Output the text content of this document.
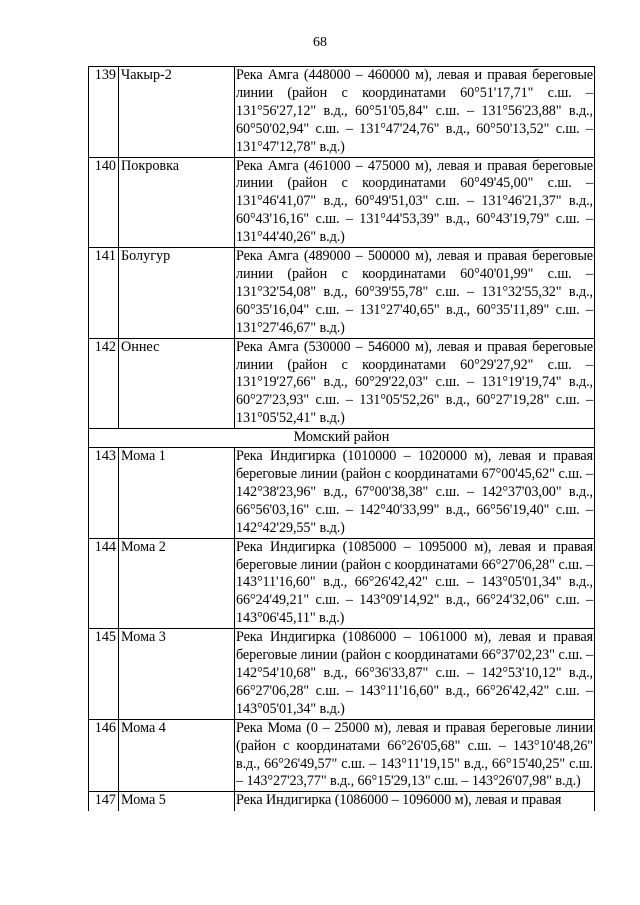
68
139	Чакыр-2	Река Амга (448000 – 460000 м), левая и правая береговые линии (район с координатами 60°51'17,71" с.ш. – 131°56'27,12" в.д., 60°51'05,84" с.ш. – 131°56'23,88" в.д., 60°50'02,94" с.ш. – 131°47'24,76" в.д., 60°50'13,52" с.ш. – 131°47'12,78" в.д.)
140	Покровка	Река Амга (461000 – 475000 м), левая и правая береговые линии (район с координатами 60°49'45,00" с.ш. – 131°46'41,07" в.д., 60°49'51,03" с.ш. – 131°46'21,37" в.д., 60°43'16,16" с.ш. – 131°44'53,39" в.д., 60°43'19,79" с.ш. – 131°44'40,26" в.д.)
141	Болугур	Река Амга (489000 – 500000 м), левая и правая береговые линии (район с координатами 60°40'01,99" с.ш. – 131°32'54,08" в.д., 60°39'55,78" с.ш. – 131°32'55,32" в.д., 60°35'16,04" с.ш. – 131°27'40,65" в.д., 60°35'11,89" с.ш. – 131°27'46,67" в.д.)
142	Оннес	Река Амга (530000 – 546000 м), левая и правая береговые линии (район с координатами 60°29'27,92" с.ш. – 131°19'27,66" в.д., 60°29'22,03" с.ш. – 131°19'19,74" в.д., 60°27'23,93" с.ш. – 131°05'52,26" в.д., 60°27'19,28" с.ш. – 131°05'52,41" в.д.)
Момский район		
143	Мома 1	Река Индигирка (1010000 – 1020000 м), левая и правая береговые линии (район с координатами 67°00'45,62" с.ш. – 142°38'23,96" в.д., 67°00'38,38" с.ш. – 142°37'03,00" в.д., 66°56'03,16" с.ш. – 142°40'33,99" в.д., 66°56'19,40" с.ш. – 142°42'29,55" в.д.)
144	Мома 2	Река Индигирка (1085000 – 1095000 м), левая и правая береговые линии (район с координатами 66°27'06,28" с.ш. – 143°11'16,60" в.д., 66°26'42,42" с.ш. – 143°05'01,34" в.д., 66°24'49,21" с.ш. – 143°09'14,92" в.д., 66°24'32,06" с.ш. – 143°06'45,11" в.д.)
145	Мома 3	Река Индигирка (1086000 – 1061000 м), левая и правая береговые линии (район с координатами 66°37'02,23" с.ш. – 142°54'10,68" в.д., 66°36'33,87" с.ш. – 142°53'10,12" в.д., 66°27'06,28" с.ш. – 143°11'16,60" в.д., 66°26'42,42" с.ш. – 143°05'01,34" в.д.)
146	Мома 4	Река Мома (0 – 25000 м), левая и правая береговые линии (район с координатами 66°26'05,68" с.ш. – 143°10'48,26" в.д., 66°26'49,57" с.ш. – 143°11'19,15" в.д., 66°15'40,25" с.ш. – 143°27'23,77" в.д., 66°15'29,13" с.ш. – 143°26'07,98" в.д.)
147	Мома 5	Река Индигирка (1086000 – 1096000 м), левая и правая
